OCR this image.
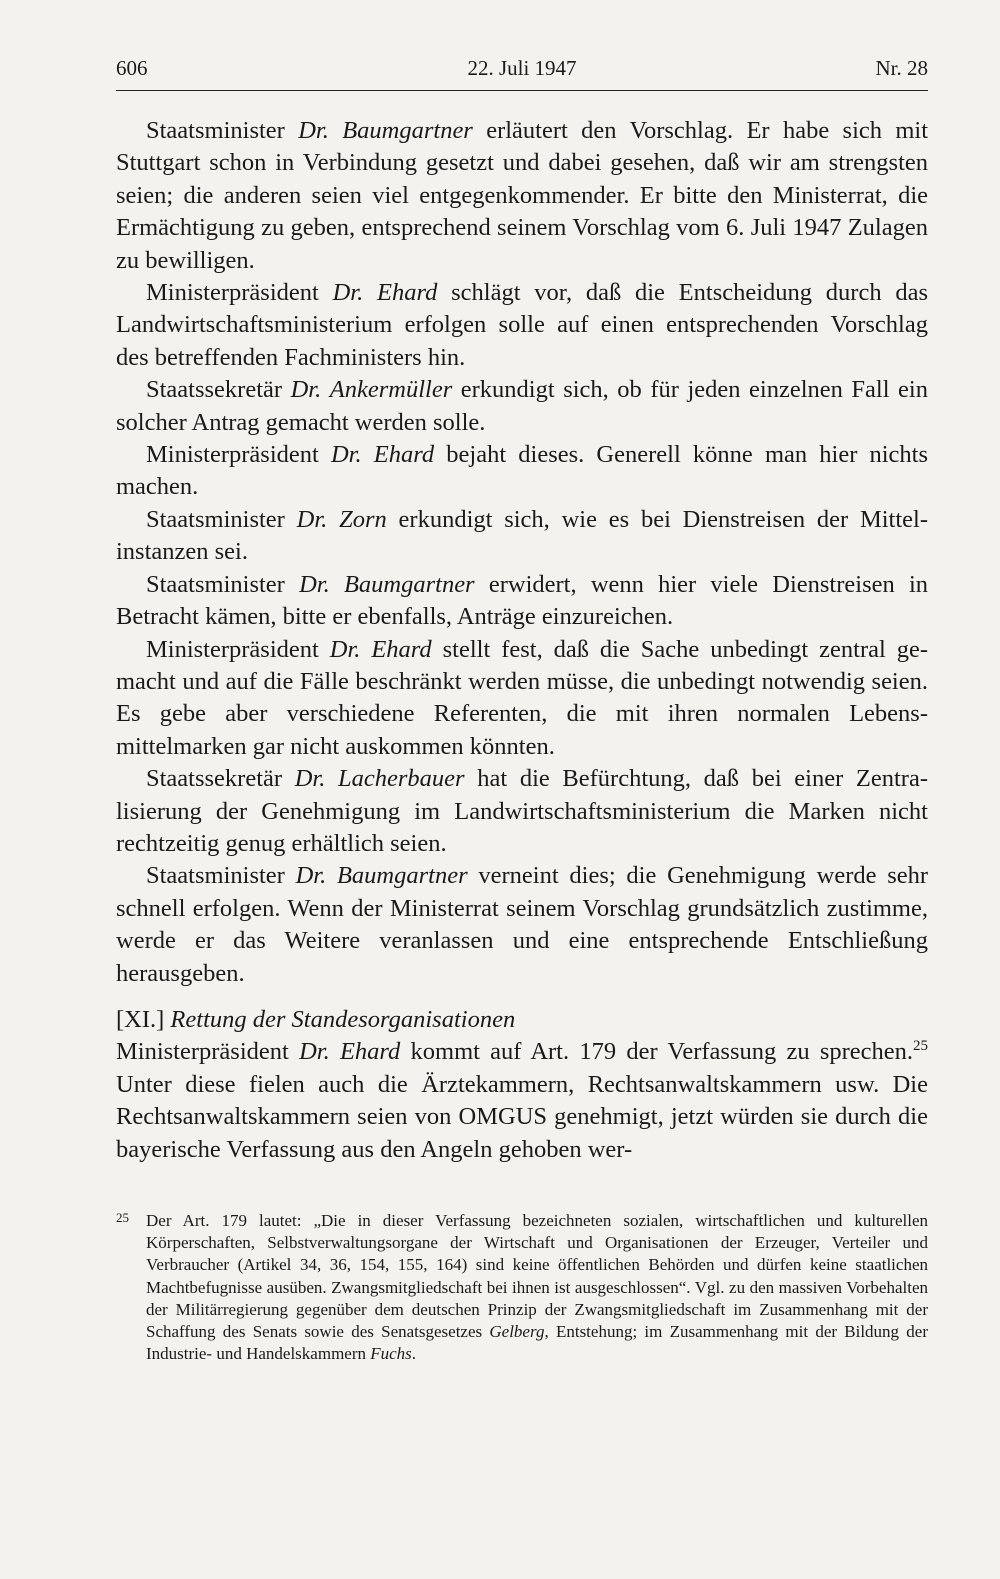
606	22. Juli 1947	Nr. 28

Staatsminister Dr. Baumgartner erläutert den Vorschlag. Er habe sich mit Stuttgart schon in Verbindung gesetzt und dabei gesehen, daß wir am strengsten seien; die anderen seien viel entgegenkommender. Er bitte den Ministerrat, die Ermächtigung zu geben, entsprechend seinem Vorschlag vom 6. Juli 1947 Zulagen zu bewilligen.

Ministerpräsident Dr. Ehard schlägt vor, daß die Entscheidung durch das Landwirtschaftsministerium erfolgen solle auf einen entsprechenden Vorschlag des betreffenden Fachministers hin.

Staatssekretär Dr. Ankermüller erkundigt sich, ob für jeden einzelnen Fall ein solcher Antrag gemacht werden solle.

Ministerpräsident Dr. Ehard bejaht dieses. Generell könne man hier nichts machen.

Staatsminister Dr. Zorn erkundigt sich, wie es bei Dienstreisen der Mittelinstanzen sei.

Staatsminister Dr. Baumgartner erwidert, wenn hier viele Dienstreisen in Betracht kämen, bitte er ebenfalls, Anträge einzureichen.

Ministerpräsident Dr. Ehard stellt fest, daß die Sache unbedingt zentral gemacht und auf die Fälle beschränkt werden müsse, die unbedingt notwendig seien. Es gebe aber verschiedene Referenten, die mit ihren normalen Lebensmittelmarken gar nicht auskommen könnten.

Staatssekretär Dr. Lacherbauer hat die Befürchtung, daß bei einer Zentralisierung der Genehmigung im Landwirtschaftsministerium die Marken nicht rechtzeitig genug erhältlich seien.

Staatsminister Dr. Baumgartner verneint dies; die Genehmigung werde sehr schnell erfolgen. Wenn der Ministerrat seinem Vorschlag grundsätzlich zustimme, werde er das Weitere veranlassen und eine entsprechende Entschließung herausgeben.

[XI.] Rettung der Standesorganisationen

Ministerpräsident Dr. Ehard kommt auf Art. 179 der Verfassung zu sprechen.$^{25}$ Unter diese fielen auch die Ärztekammern, Rechtsanwaltskammern usw. Die Rechtsanwaltskammern seien von OMGUS genehmigt, jetzt würden sie durch die bayerische Verfassung aus den Angeln gehoben wer-

25 Der Art. 179 lautet: „Die in dieser Verfassung bezeichneten sozialen, wirtschaftlichen und kulturellen Körperschaften, Selbstverwaltungsorgane der Wirtschaft und Organisationen der Erzeuger, Verteiler und Verbraucher (Artikel 34, 36, 154, 155, 164) sind keine öffentlichen Behörden und dürfen keine staatlichen Machtbefugnisse ausüben. Zwangsmitgliedschaft bei ihnen ist ausgeschlossen“. Vgl. zu den massiven Vorbehalten der Militärregierung gegenüber dem deutschen Prinzip der Zwangsmitgliedschaft im Zusammenhang mit der Schaffung des Senats sowie des Senatsgesetzes Gelberg, Entstehung; im Zusammenhang mit der Bildung der Industrie- und Handelskammern Fuchs.
